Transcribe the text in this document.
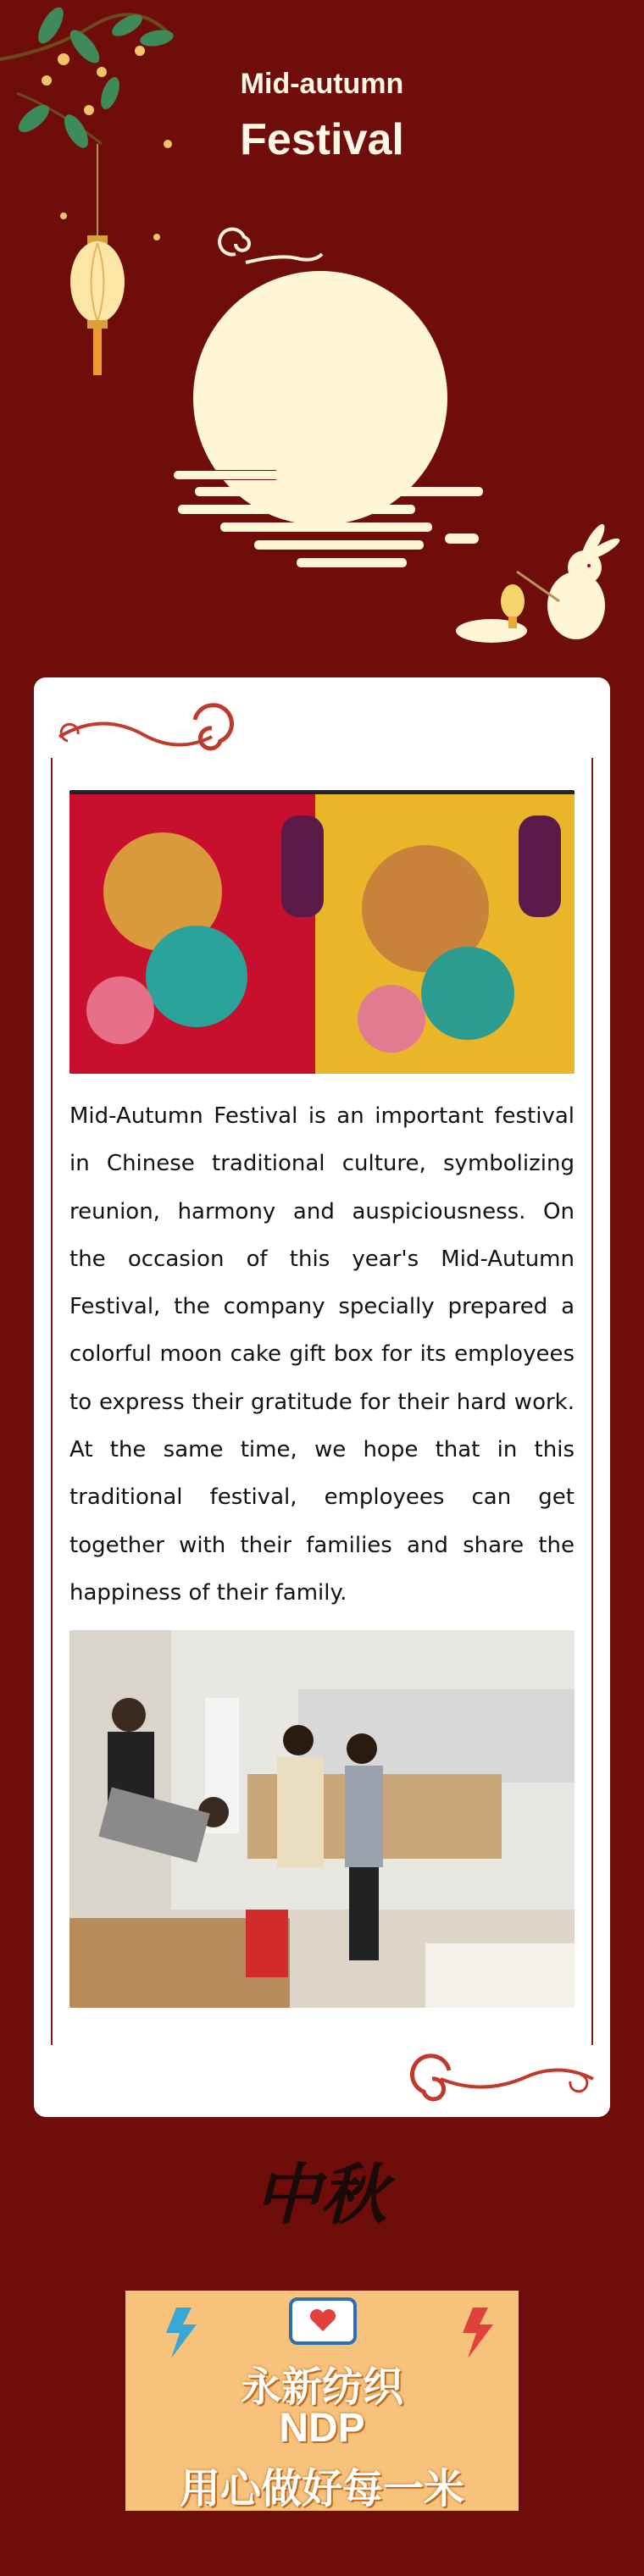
Mid-autumn
Festival
Mid-Autumn Festival is an important festival in Chinese traditional culture, symbolizing reunion, harmony and auspiciousness. On the occasion of this year's Mid-Autumn Festival, the company specially prepared a colorful moon cake gift box for its employees to express their gratitude for their hard work. At the same time, we hope that in this traditional festival, employees can get together with their families and share the happiness of their family.
中秋
永新纺织
NDP
用心做好每一米
